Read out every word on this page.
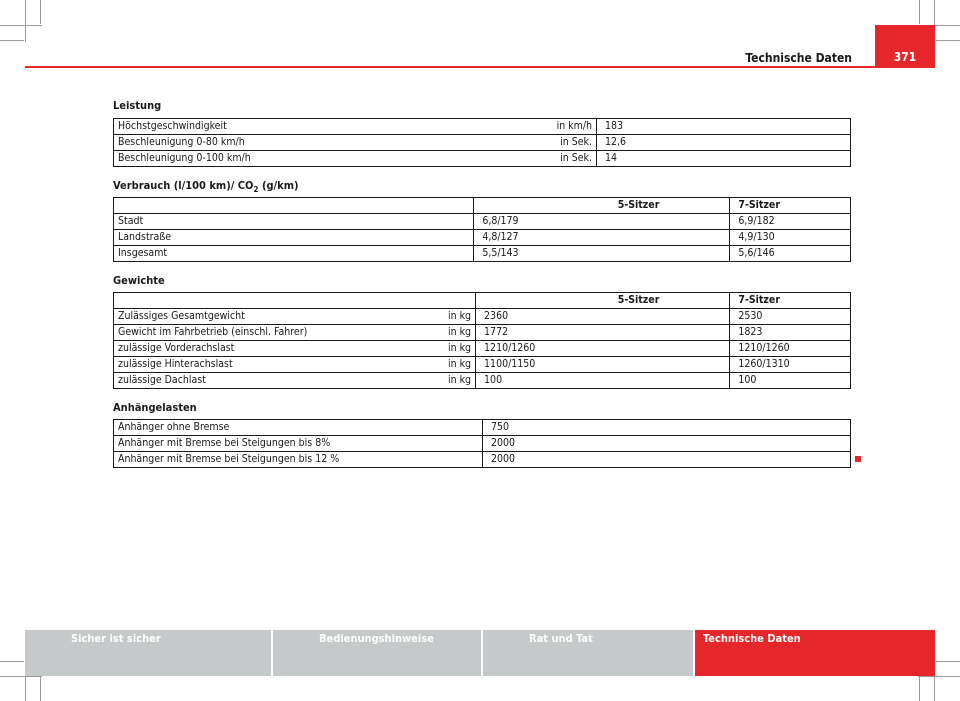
Technische Daten	371
Leistung
Höchstgeschwindigkeit in km/h	183

Beschleunigung 0-80 km/h in Sek.	12,6

Beschleunigung 0-100 km/h in Sek.	14
Verbrauch (l/100 km)/ $CO_2$ (g/km)
	5-Sitzer	7-Sitzer
Stadt	6,8/179	6,9/182
Landstraße	4,8/127	4,9/130
Insgesamt	5,5/143	5,6/146
Gewichte
	5-Sitzer	7-Sitzer

Zulässiges Gesamtgewicht in kg	2360	2530

Gewicht im Fahrbetrieb (einschl. Fahrer) in kg	1772	1823

zulässige Vorderachslast in kg	1210/1260	1210/1260

zulässige Hinterachslast in kg	1100/1150	1260/1310

zulässige Dachlast in kg	100	100
Anhängelasten
Anhänger ohne Bremse	750
Anhänger mit Bremse bei Steigungen bis 8%	2000
Anhänger mit Bremse bei Steigungen bis 12 %	2000
Sicher ist sicher	Bedienungshinweise	Rat und Tat	Technische Daten
